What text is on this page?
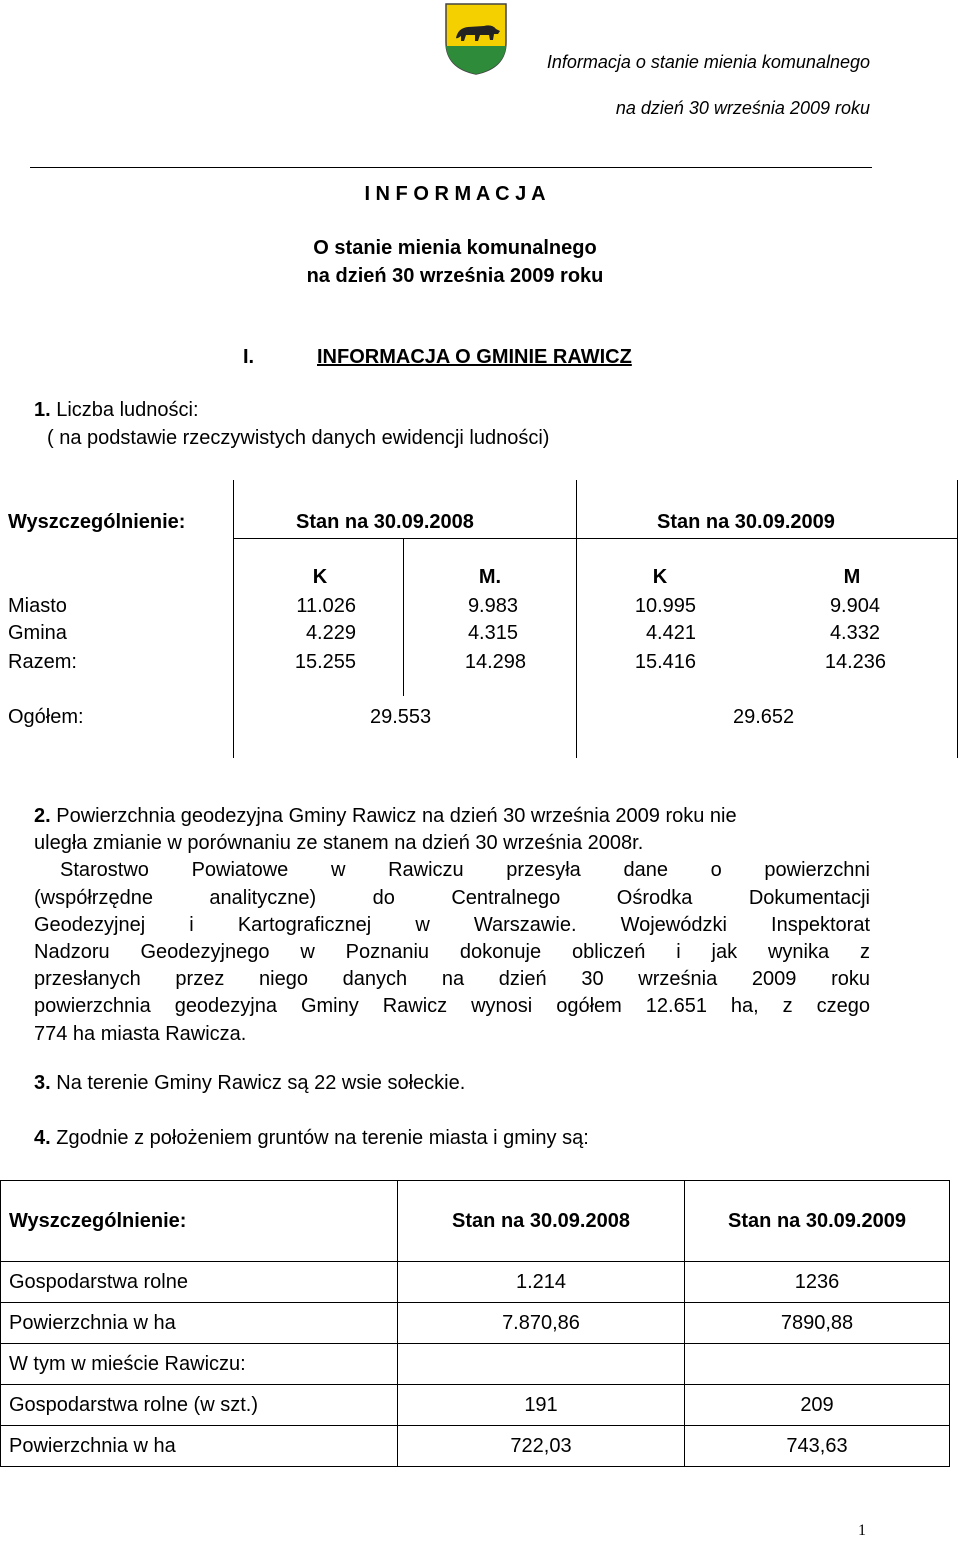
Informacja o stanie mienia komunalnego
na dzień 30 września 2009 roku
I N F O R M A C J A
O stanie mienia komunalnego
na dzień 30 września 2009 roku
I.	INFORMACJA O GMINIE RAWICZ
1. Liczba ludności:
( na podstawie rzeczywistych danych ewidencji ludności)
Wyszczególnienie:	Stan na 30.09.2008	Stan na 30.09.2009
K	M.	K	M
Miasto	11.026	9.983	10.995	9.904
Gmina	4.229	4.315	4.421	4.332
Razem:	15.255	14.298	15.416	14.236
Ogółem:	29.553	29.652
2. Powierzchnia geodezyjna Gminy Rawicz na dzień 30 września 2009 roku nie
uległa zmianie w porównaniu ze stanem na dzień 30 września 2008r.
Starostwo Powiatowe w Rawiczu przesyła dane o powierzchni
(współrzędne analityczne) do Centralnego Ośrodka Dokumentacji
Geodezyjnej i Kartograficznej w Warszawie. Wojewódzki Inspektorat
Nadzoru Geodezyjnego w Poznaniu dokonuje obliczeń i jak wynika z
przesłanych przez niego danych na dzień 30 września 2009 roku
powierzchnia geodezyjna Gminy Rawicz wynosi ogółem 12.651 ha, z czego
774 ha miasta Rawicza.
3. Na terenie Gminy Rawicz są 22 wsie sołeckie.
4. Zgodnie z położeniem gruntów na terenie miasta i gminy są:
Wyszczególnienie:	Stan na 30.09.2008	Stan na 30.09.2009
Gospodarstwa rolne	1.214	1236
Powierzchnia w ha	7.870,86	7890,88
W tym w mieście Rawiczu:		
Gospodarstwa rolne (w szt.)	191	209
Powierzchnia w ha	722,03	743,63
1
